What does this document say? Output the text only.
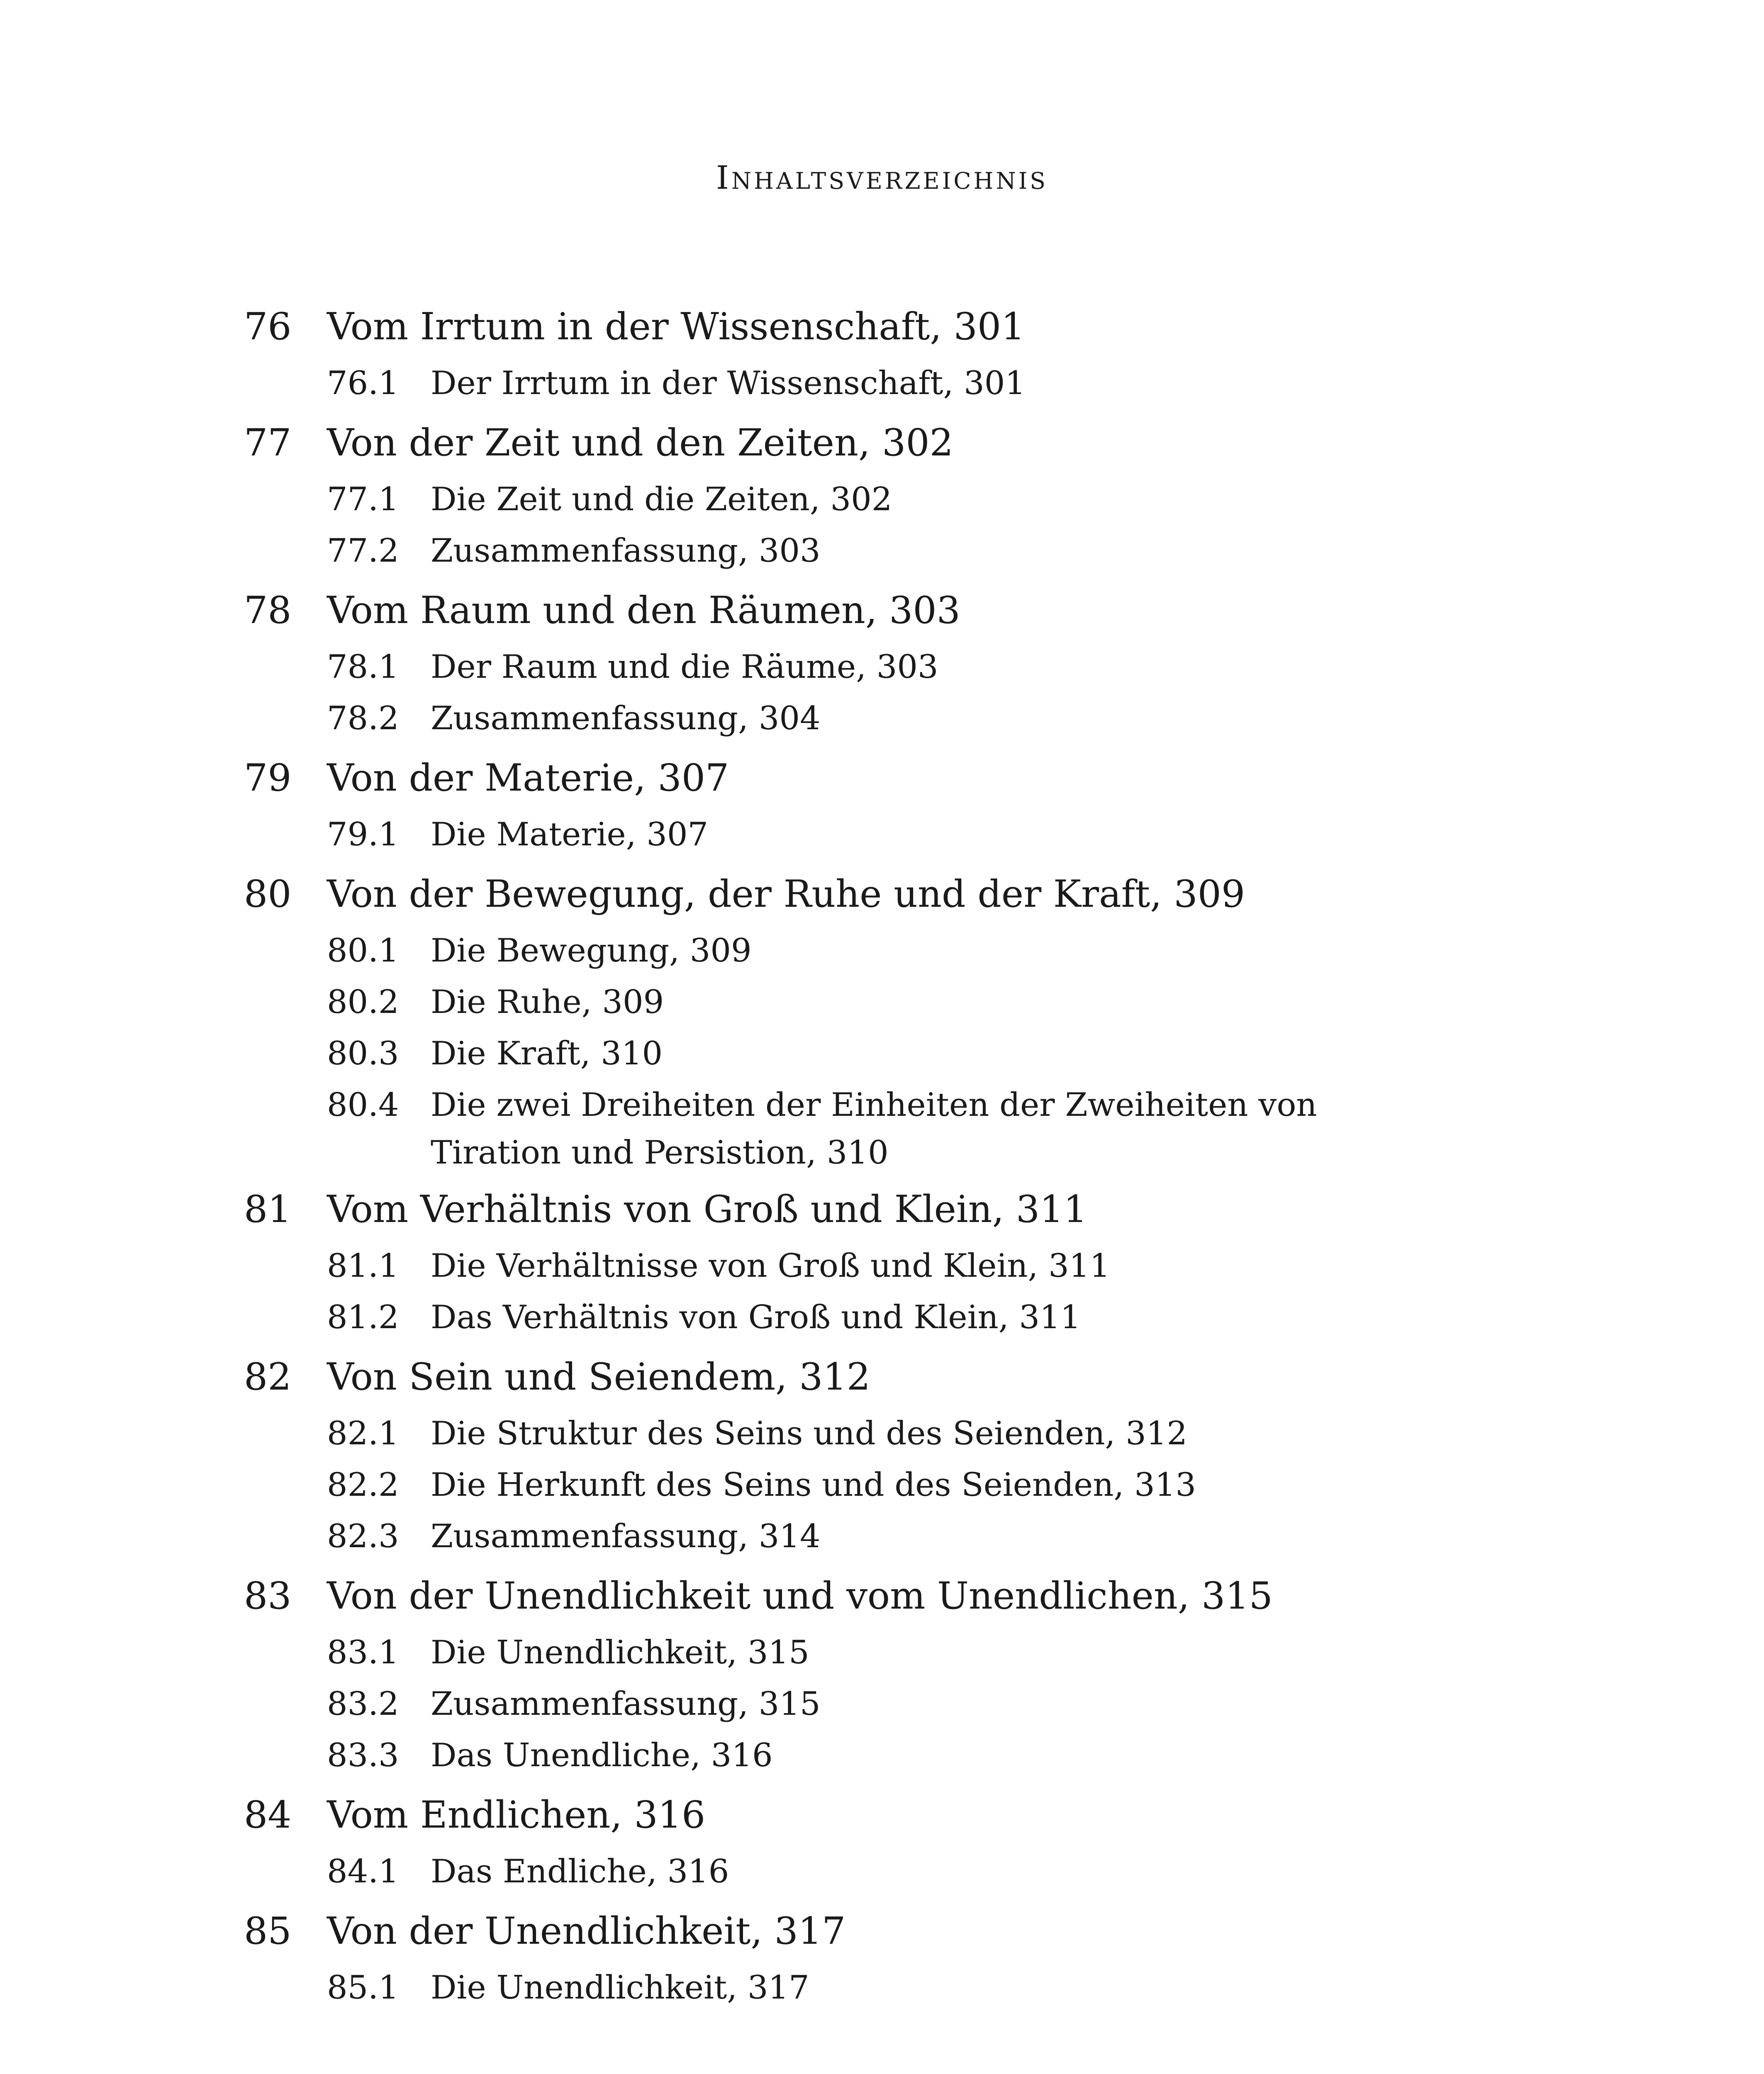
Inhaltsverzeichnis
76 Vom Irrtum in der Wissenschaft, 301
76.1 Der Irrtum in der Wissenschaft, 301
77 Von der Zeit und den Zeiten, 302
77.1 Die Zeit und die Zeiten, 302
77.2 Zusammenfassung, 303
78 Vom Raum und den Räumen, 303
78.1 Der Raum und die Räume, 303
78.2 Zusammenfassung, 304
79 Von der Materie, 307
79.1 Die Materie, 307
80 Von der Bewegung, der Ruhe und der Kraft, 309
80.1 Die Bewegung, 309
80.2 Die Ruhe, 309
80.3 Die Kraft, 310
80.4 Die zwei Dreiheiten der Einheiten der Zweiheiten von Tiration und Persistion, 310
81 Vom Verhältnis von Groß und Klein, 311
81.1 Die Verhältnisse von Groß und Klein, 311
81.2 Das Verhältnis von Groß und Klein, 311
82 Von Sein und Seiendem, 312
82.1 Die Struktur des Seins und des Seienden, 312
82.2 Die Herkunft des Seins und des Seienden, 313
82.3 Zusammenfassung, 314
83 Von der Unendlichkeit und vom Unendlichen, 315
83.1 Die Unendlichkeit, 315
83.2 Zusammenfassung, 315
83.3 Das Unendliche, 316
84 Vom Endlichen, 316
84.1 Das Endliche, 316
85 Von der Unendlichkeit, 317
85.1 Die Unendlichkeit, 317
